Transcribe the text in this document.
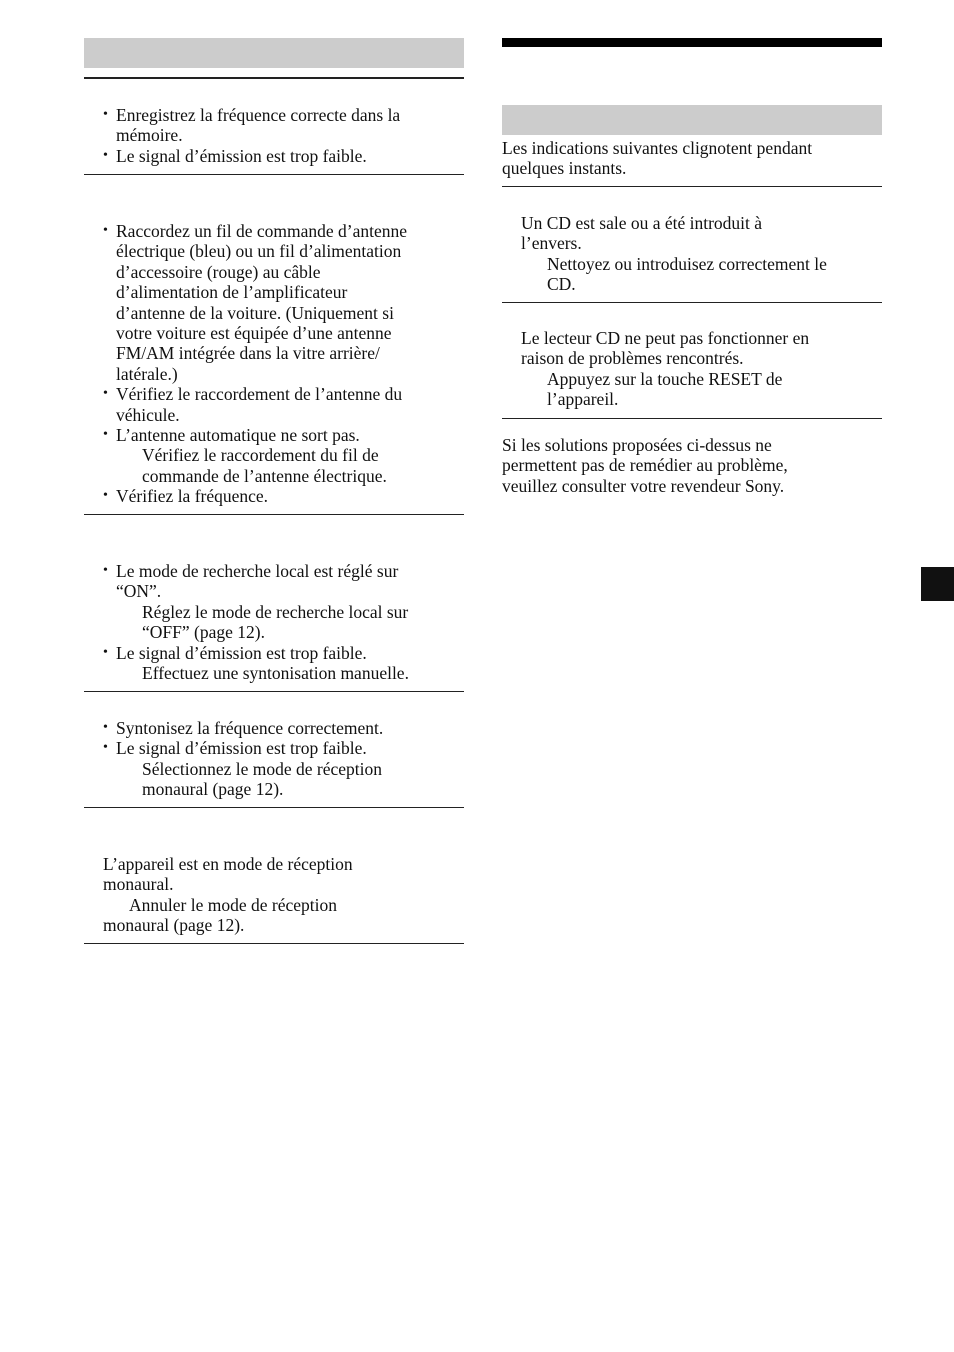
• Enregistrez la fréquence correcte dans la
mémoire.
• Le signal d’émission est trop faible.
• Raccordez un fil de commande d’antenne
électrique (bleu) ou un fil d’alimentation
d’accessoire (rouge) au câble
d’alimentation de l’amplificateur
d’antenne de la voiture. (Uniquement si
votre voiture est équipée d’une antenne
FM/AM intégrée dans la vitre arrière/
latérale.)
• Vérifiez le raccordement de l’antenne du
véhicule.
• L’antenne automatique ne sort pas.
Vérifiez le raccordement du fil de
commande de l’antenne électrique.
• Vérifiez la fréquence.
• Le mode de recherche local est réglé sur
“ON”.
Réglez le mode de recherche local sur
“OFF” (page 12).
• Le signal d’émission est trop faible.
Effectuez une syntonisation manuelle.
• Syntonisez la fréquence correctement.
• Le signal d’émission est trop faible.
Sélectionnez le mode de réception
monaural (page 12).
L’appareil est en mode de réception
monaural.
Annuler le mode de réception
monaural (page 12).
Les indications suivantes clignotent pendant
quelques instants.
Un CD est sale ou a été introduit à
l’envers.
Nettoyez ou introduisez correctement le
CD.
Le lecteur CD ne peut pas fonctionner en
raison de problèmes rencontrés.
Appuyez sur la touche RESET de
l’appareil.
Si les solutions proposées ci-dessus ne
permettent pas de remédier au problème,
veuillez consulter votre revendeur Sony.
